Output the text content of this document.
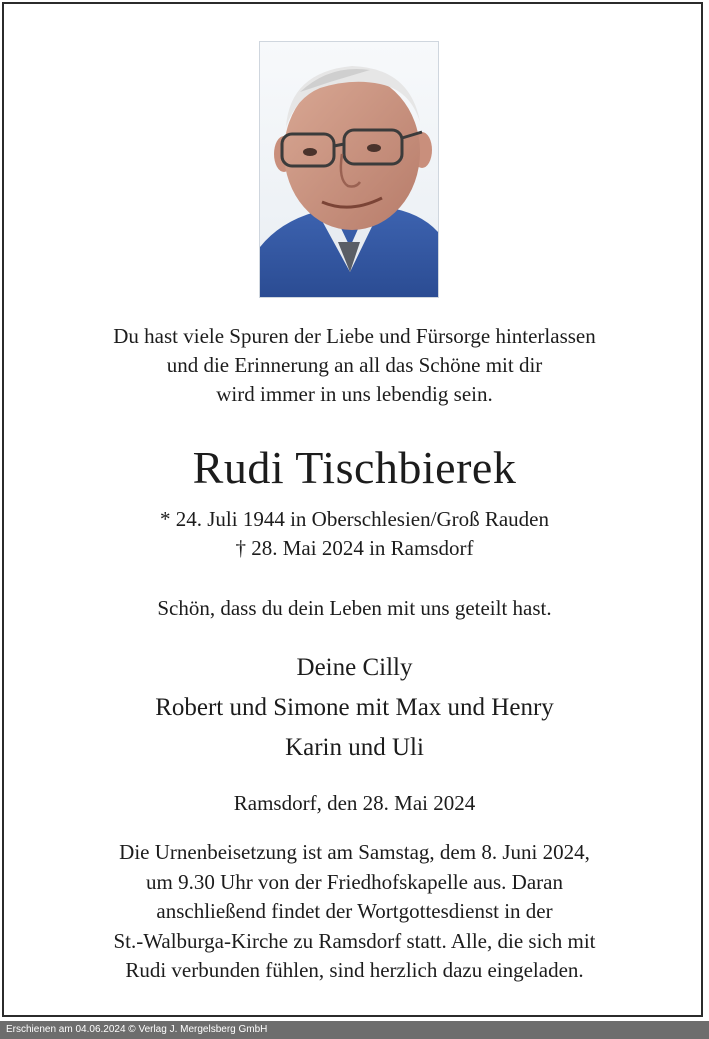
Du hast viele Spuren der Liebe und Fürsorge hinterlassen
und die Erinnerung an all das Schöne mit dir
wird immer in uns lebendig sein.
Rudi Tischbierek
* 24. Juli 1944 in Oberschlesien/Groß Rauden
† 28. Mai 2024 in Ramsdorf
Schön, dass du dein Leben mit uns geteilt hast.
Deine Cilly
Robert und Simone mit Max und Henry
Karin und Uli
Ramsdorf, den 28. Mai 2024
Die Urnenbeisetzung ist am Samstag, dem 8. Juni 2024,
um 9.30 Uhr von der Friedhofskapelle aus. Daran
anschließend findet der Wortgottesdienst in der
St.-Walburga-Kirche zu Ramsdorf statt. Alle, die sich mit
Rudi verbunden fühlen, sind herzlich dazu eingeladen.
Erschienen am 04.06.2024 © Verlag J. Mergelsberg GmbH
